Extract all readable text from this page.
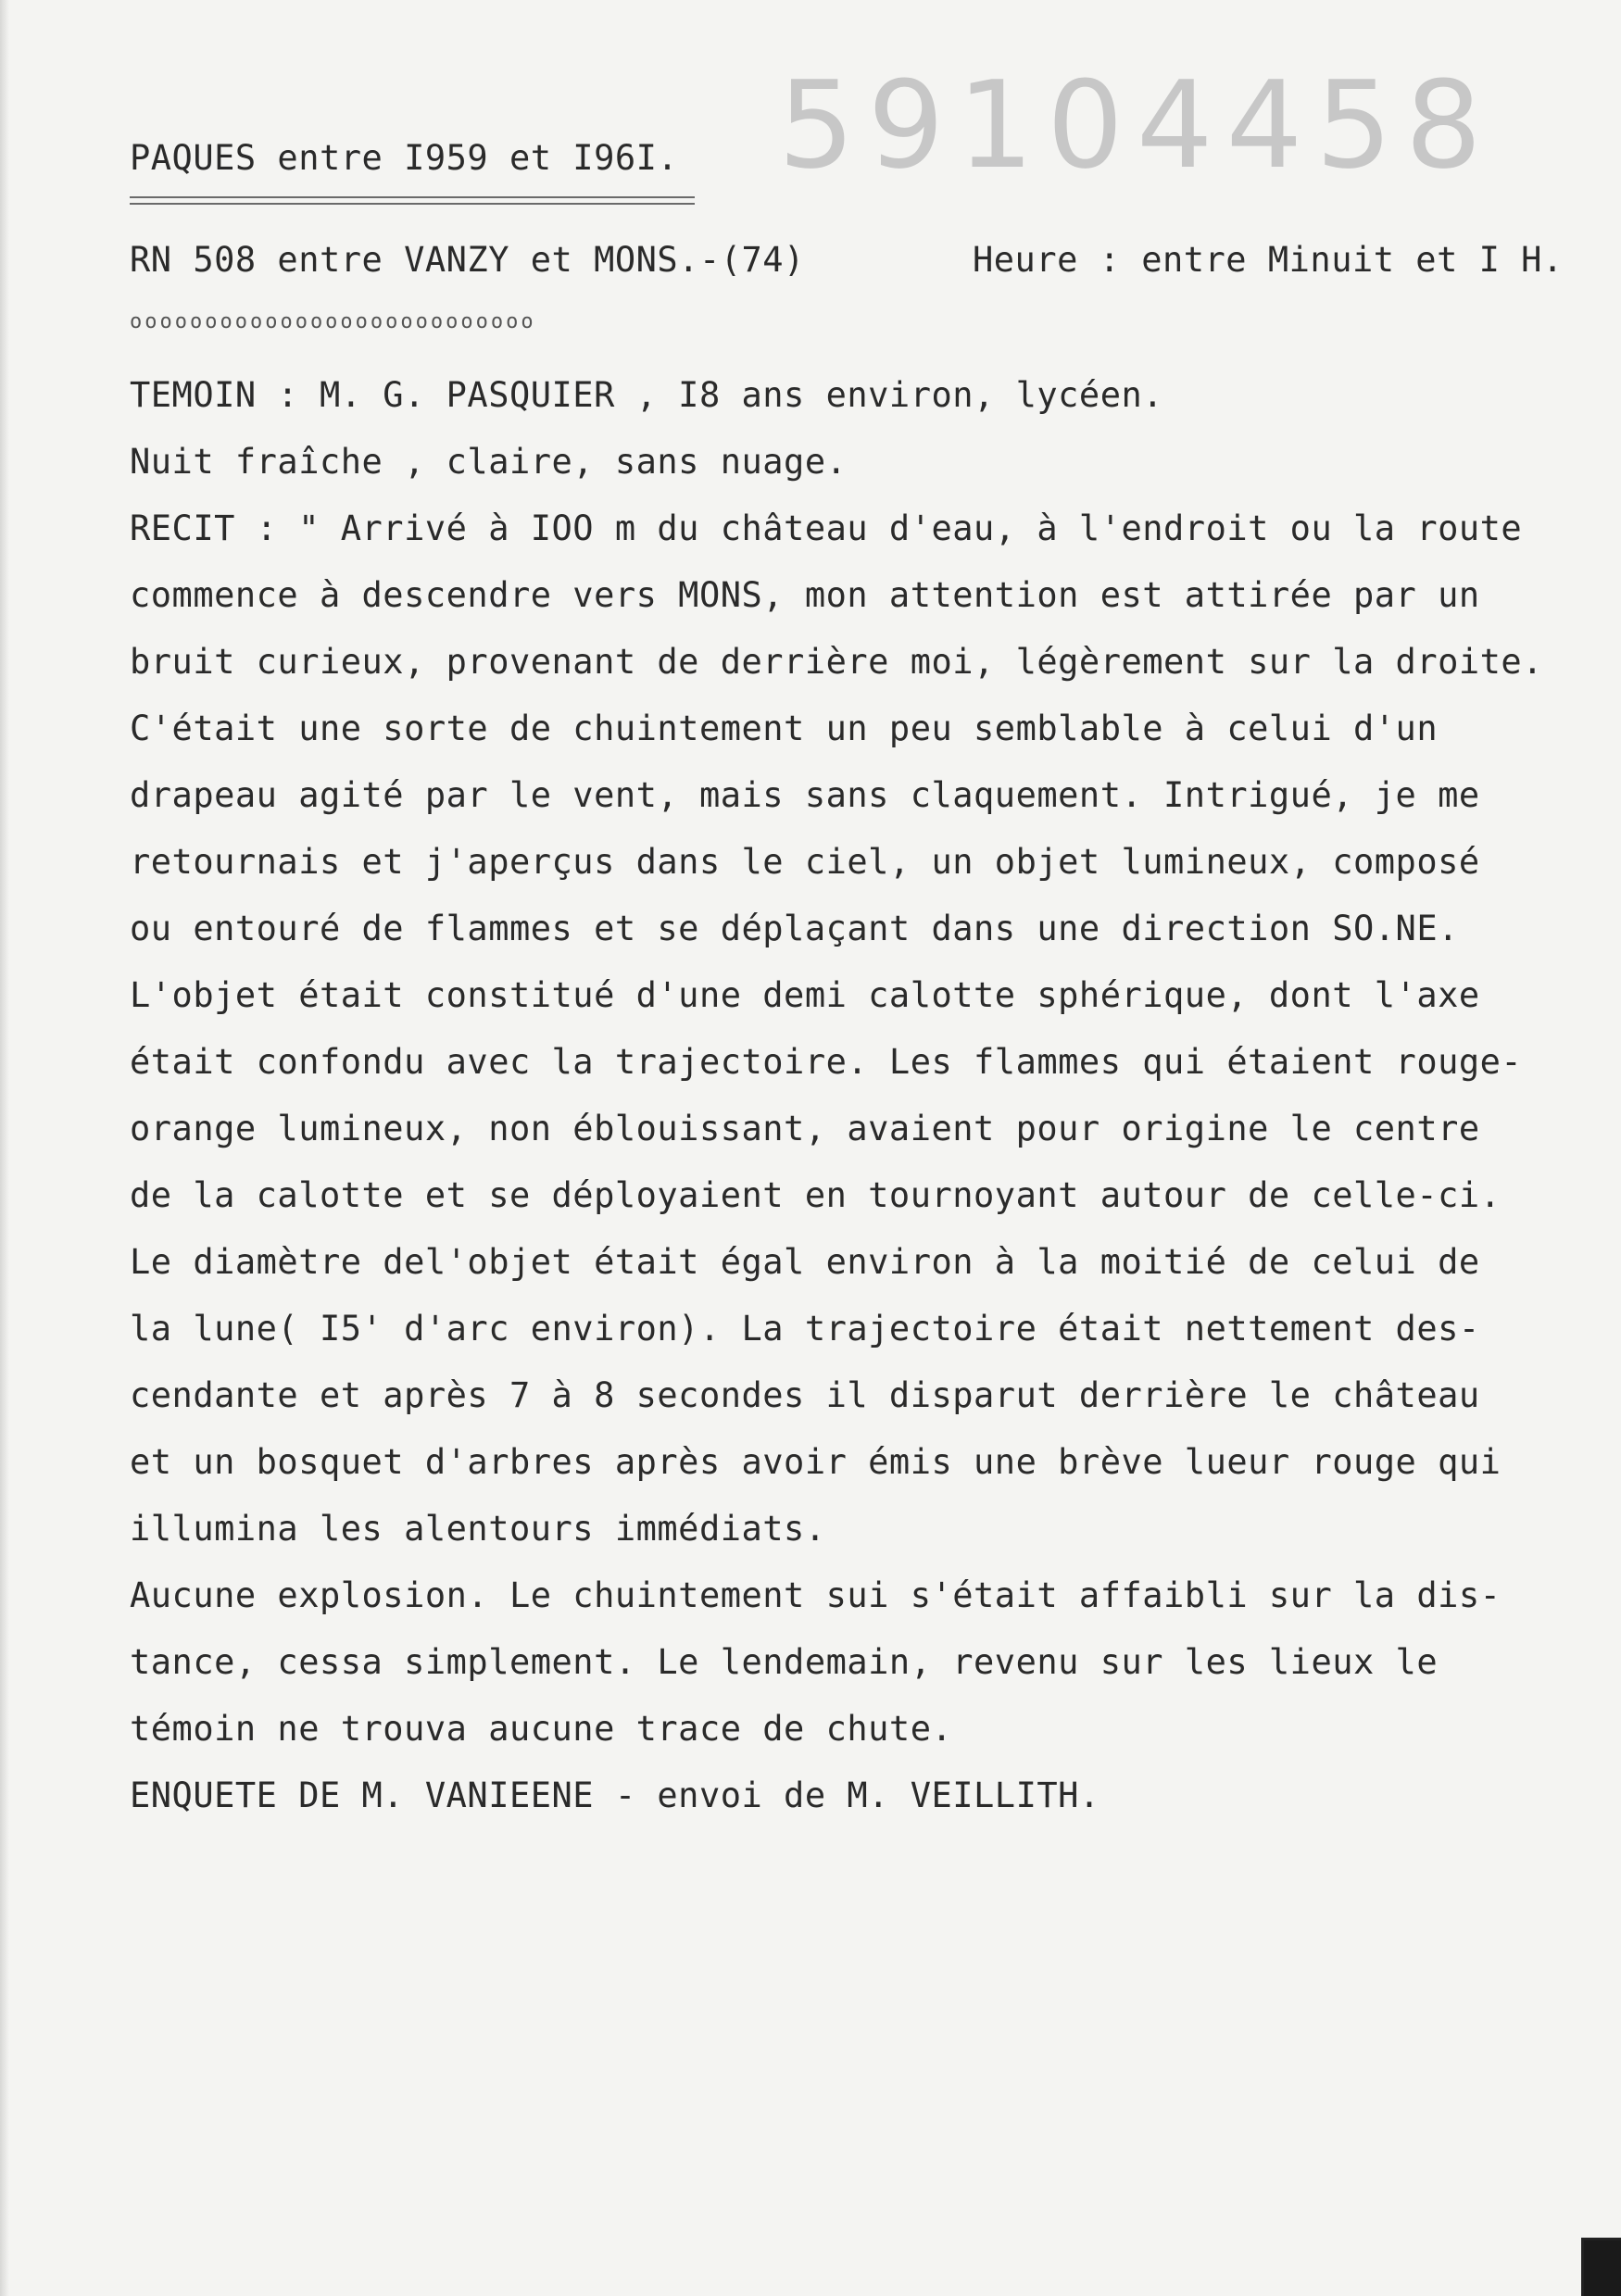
PAQUES entre I959 et I96I. 59104458
RN 508 entre VANZY et MONS.-(74)	Heure : entre Minuit et I H.
ooooooooooooooooooooooooooo
TEMOIN : M. G. PASQUIER , I8 ans environ, lycéen.
Nuit fraîche , claire, sans nuage.
RECIT : " Arrivé à IOO m du château d'eau, à l'endroit ou la route
commence à descendre vers MONS, mon attention est attirée par un
bruit curieux, provenant de derrière moi, légèrement sur la droite.
C'était une sorte de chuintement un peu semblable à celui d'un
drapeau agité par le vent, mais sans claquement. Intrigué, je me
retournais et j'aperçus dans le ciel, un objet lumineux, composé
ou entouré de flammes et se déplaçant dans une direction SO.NE.
L'objet était constitué d'une demi calotte sphérique, dont l'axe
était confondu avec la trajectoire. Les flammes qui étaient rouge-
orange lumineux, non éblouissant, avaient pour origine le centre
de la calotte et se déployaient en tournoyant autour de celle-ci.
Le diamètre del'objet était égal environ à la moitié de celui de
la lune( I5' d'arc environ). La trajectoire était nettement des-
cendante et après 7 à 8 secondes il disparut derrière le château
et un bosquet d'arbres après avoir émis une brève lueur rouge qui
illumina les alentours immédiats.
Aucune explosion. Le chuintement sui s'était affaibli sur la dis-
tance, cessa simplement. Le lendemain, revenu sur les lieux le
témoin ne trouva aucune trace de chute.
ENQUETE DE M. VANIEENE - envoi de M. VEILLITH.
